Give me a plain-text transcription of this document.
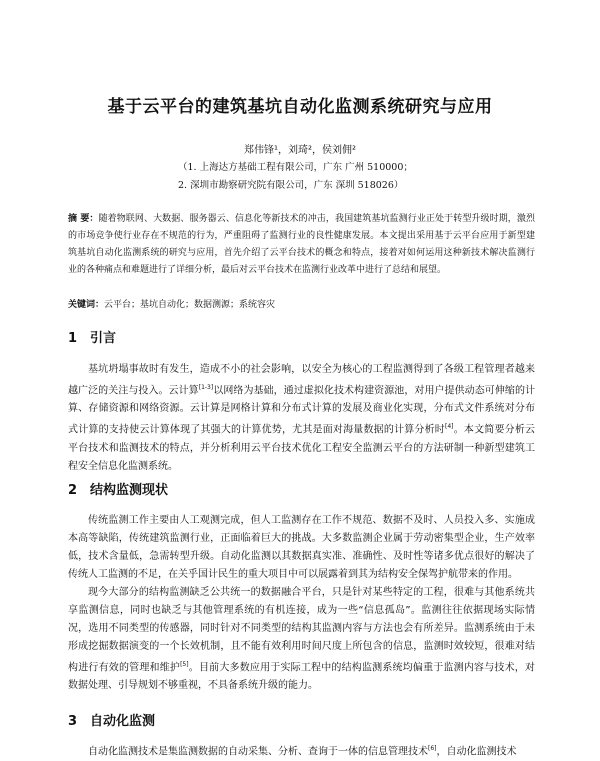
基于云平台的建筑基坑自动化监测系统研究与应用
郑伟锋¹，刘琦²，侯刘佣²
（1. 上海达方基础工程有限公司，广东 广州 510000；
2. 深圳市勘察研究院有限公司，广东 深圳 518026）
摘 要：随着物联网、大数据、服务器云、信息化等新技术的冲击，我国建筑基坑监测行业正处于转型升级时期，激烈的市场竞争使行业存在不规范的行为，严重阻碍了监测行业的良性健康发展。本文提出采用基于云平台应用于新型建筑基坑自动化监测系统的研究与应用，首先介绍了云平台技术的概念和特点，接着对如何运用这种新技术解决监测行业的各种痛点和难题进行了详细分析，最后对云平台技术在监测行业改革中进行了总结和展望。
关键词：云平台；基坑自动化；数据测源；系统容灾
1 引言
基坑坍塌事故时有发生，造成不小的社会影响，以安全为核心的工程监测得到了各级工程管理者越来越广泛的关注与投入。云计算[1-3]以网络为基础，通过虚拟化技术构建资源池，对用户提供动态可伸缩的计算、存储资源和网络资源。云计算是网格计算和分布式计算的发展及商业化实现，分布式文件系统对分布式计算的支持使云计算体现了其强大的计算优势，尤其是面对海量数据的计算分析时[4]。本文简要分析云平台技术和监测技术的特点，并分析利用云平台技术优化工程安全监测云平台的方法研制一种新型建筑工程安全信息化监测系统。
2 结构监测现状
传统监测工作主要由人工观测完成，但人工监测存在工作不规范、数据不及时、人员投入多、实施成本高等缺陷，传统建筑监测行业，正面临着巨大的挑战。大多数监测企业属于劳动密集型企业，生产效率低，技术含量低，急需转型升级。自动化监测以其数据真实准、准确性、及时性等诸多优点很好的解决了传统人工监测的不足，在关乎国计民生的重大项目中可以展露着到其为结构安全保驾护航带来的作用。
现今大部分的结构监测缺乏公共统一的数据融合平台，只是针对某些特定的工程，很难与其他系统共享监测信息，同时也缺乏与其他管理系统的有机连接，成为一些“信息孤岛”。监测往往依据现场实际情况，选用不同类型的传感器，同时针对不同类型的结构其监测内容与方法也会有所差异。监测系统由于未形成挖掘数据演变的一个长效机制，且不能有效利用时间尺度上所包含的信息，监测时效较短，很难对结构进行有效的管理和维护[5]。目前大多数应用于实际工程中的结构监测系统均偏重于监测内容与技术，对数据处理、引导规划不够重视，不具备系统升级的能力。
3 自动化监测
自动化监测技术是集监测数据的自动采集、分析、查询于一体的信息管理技术[6]，自动化监测技术
